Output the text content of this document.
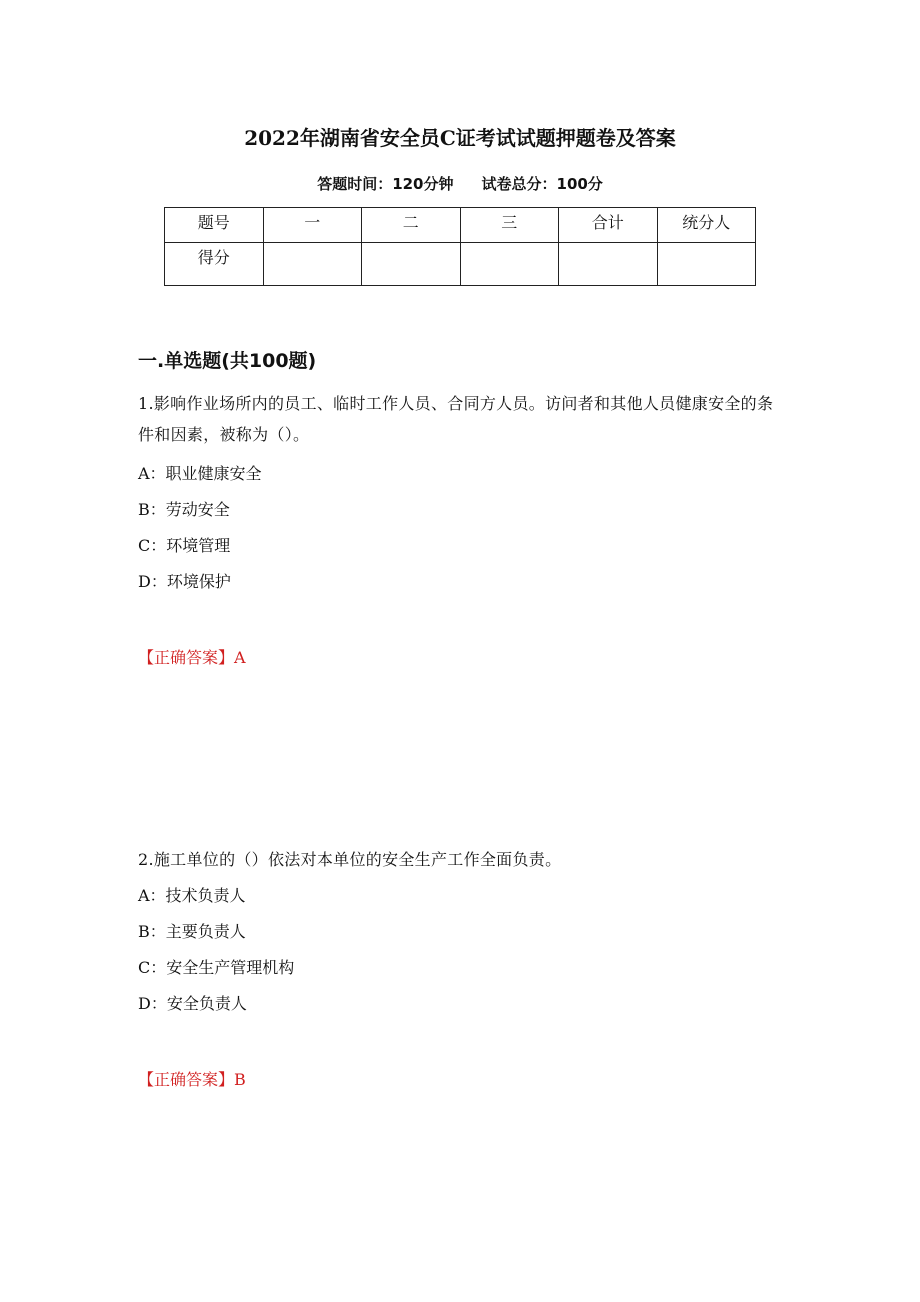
2022年湖南省安全员C证考试试题押题卷及答案
答题时间：120分钟 试卷总分：100分
题号	一	二	三	合计	统分人
得分					
一.单选题(共100题)
1.影响作业场所内的员工、临时工作人员、合同方人员。访问者和其他人员健康安全的条件和因素，被称为（）。
A：职业健康安全
B：劳动安全
C：环境管理
D：环境保护
【正确答案】A
2.施工单位的（）依法对本单位的安全生产工作全面负责。
A：技术负责人
B：主要负责人
C：安全生产管理机构
D：安全负责人
【正确答案】B
